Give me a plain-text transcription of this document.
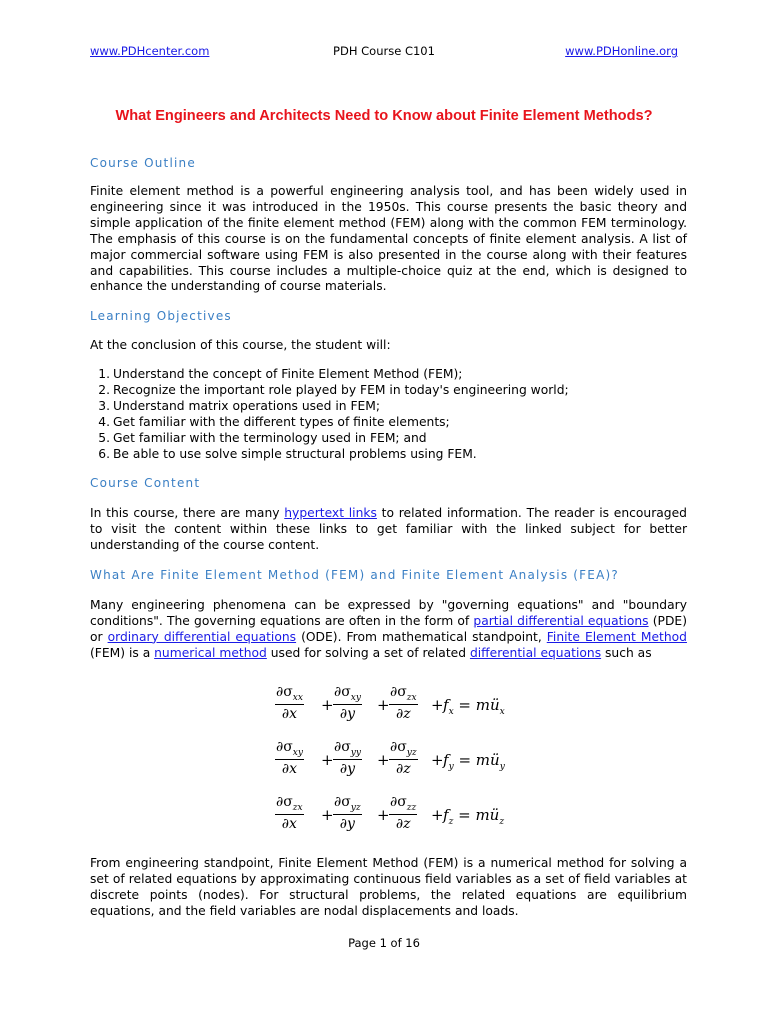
www.PDHcenter.com	PDH Course C101	www.PDHonline.org
What Engineers and Architects Need to Know about Finite Element Methods?
Course Outline

Finite element method is a powerful engineering analysis tool, and has been widely used in engineering since it was introduced in the 1950s. This course presents the basic theory and simple application of the finite element method (FEM) along with the common FEM terminology. The emphasis of this course is on the fundamental concepts of finite element analysis. A list of major commercial software using FEM is also presented in the course along with their features and capabilities. This course includes a multiple-choice quiz at the end, which is designed to enhance the understanding of course materials.

Learning Objectives

At the conclusion of this course, the student will:

1. Understand the concept of Finite Element Method (FEM);
2. Recognize the important role played by FEM in today's engineering world;
3. Understand matrix operations used in FEM;
4. Get familiar with the different types of finite elements;
5. Get familiar with the terminology used in FEM; and
6. Be able to use solve simple structural problems using FEM.
Course Content

In this course, there are many hypertext links to related information. The reader is encouraged to visit the content within these links to get familiar with the linked subject for better understanding of the course content.

What Are Finite Element Method (FEM) and Finite Element Analysis (FEA)?

Many engineering phenomena can be expressed by "governing equations" and "boundary conditions". The governing equations are often in the form of partial differential equations (PDE) or ordinary differential equations (ODE). From mathematical standpoint, Finite Element Method (FEM) is a numerical method used for solving a set of related differential equations such as

$\partial\sigma_{xx}$
∂x	+
$\partial\sigma_{xy}$
∂y	+
$\partial\sigma_{zx}$
∂z	+ $f_x$ = $mü_x$
$\partial\sigma_{xy}$
∂x	+
$\partial\sigma_{yy}$
∂y	+
$\partial\sigma_{yz}$
∂z	+ $f_y$ = $mü_y$
$\partial\sigma_{zx}$
∂x	+
$\partial\sigma_{yz}$
∂y	+
$\partial\sigma_{zz}$
∂z	+ $f_z$ = $mü_z$

From engineering standpoint, Finite Element Method (FEM) is a numerical method for solving a set of related equations by approximating continuous field variables as a set of field variables at discrete points (nodes). For structural problems, the related equations are equilibrium equations, and the field variables are nodal displacements and loads.

Page 1 of 16
